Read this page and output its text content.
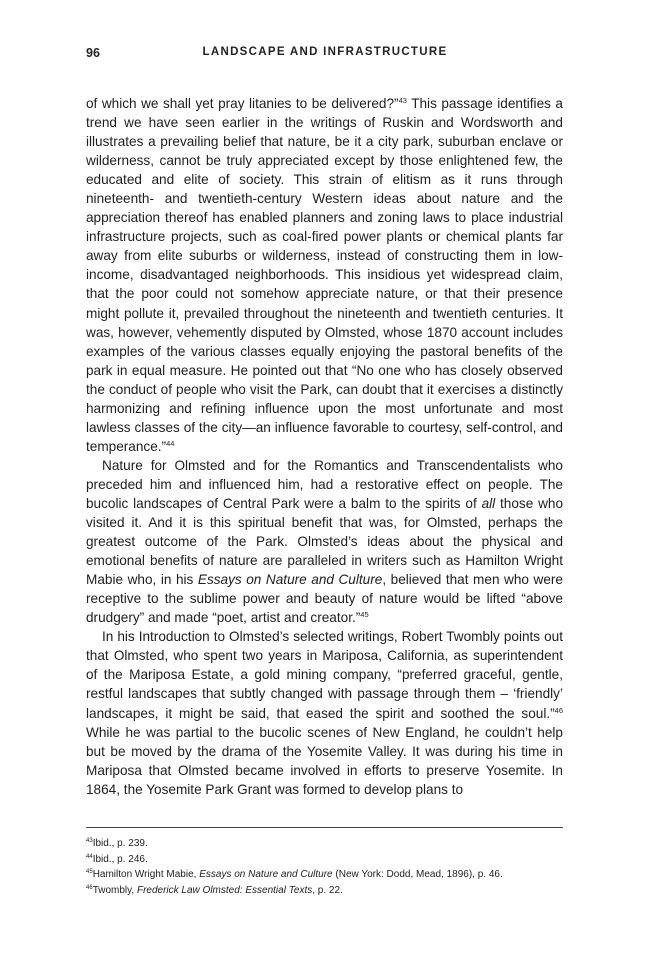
96	LANDSCAPE AND INFRASTRUCTURE

of which we shall yet pray litanies to be delivered?”$^{43}$ This passage identifies a trend we have seen earlier in the writings of Ruskin and Wordsworth and illustrates a prevailing belief that nature, be it a city park, suburban enclave or wilderness, cannot be truly appreciated except by those enlightened few, the educated and elite of society. This strain of elitism as it runs through nineteenth- and twentieth-century Western ideas about nature and the appreciation thereof has enabled planners and zoning laws to place industrial infrastructure projects, such as coal-fired power plants or chemical plants far away from elite suburbs or wilderness, instead of constructing them in low-income, disadvantaged neighborhoods. This insidious yet widespread claim, that the poor could not somehow appreciate nature, or that their presence might pollute it, prevailed throughout the nineteenth and twentieth centuries. It was, however, vehemently disputed by Olmsted, whose 1870 account includes examples of the various classes equally enjoying the pastoral benefits of the park in equal measure. He pointed out that “No one who has closely observed the conduct of people who visit the Park, can doubt that it exercises a distinctly harmonizing and refining influence upon the most unfortunate and most lawless classes of the city—an influence favorable to courtesy, self-control, and temperance.”$^{44}$

Nature for Olmsted and for the Romantics and Transcendentalists who preceded him and influenced him, had a restorative effect on people. The bucolic landscapes of Central Park were a balm to the spirits of all those who visited it. And it is this spiritual benefit that was, for Olmsted, perhaps the greatest outcome of the Park. Olmsted’s ideas about the physical and emotional benefits of nature are paralleled in writers such as Hamilton Wright Mabie who, in his Essays on Nature and Culture, believed that men who were receptive to the sublime power and beauty of nature would be lifted “above drudgery” and made “poet, artist and creator.”$^{45}$

In his Introduction to Olmsted’s selected writings, Robert Twombly points out that Olmsted, who spent two years in Mariposa, California, as superintendent of the Mariposa Estate, a gold mining company, “preferred graceful, gentle, restful landscapes that subtly changed with passage through them – ‘friendly’ landscapes, it might be said, that eased the spirit and soothed the soul.”$^{46}$ While he was partial to the bucolic scenes of New England, he couldn’t help but be moved by the drama of the Yosemite Valley. It was during his time in Mariposa that Olmsted became involved in efforts to preserve Yosemite. In 1864, the Yosemite Park Grant was formed to develop plans to

$^{43}$Ibid., p. 239.

$^{44}$Ibid., p. 246.

$^{45}$Hamilton Wright Mabie, Essays on Nature and Culture (New York: Dodd, Mead, 1896), p. 46.

$^{46}$Twombly, Frederick Law Olmsted: Essential Texts, p. 22.
